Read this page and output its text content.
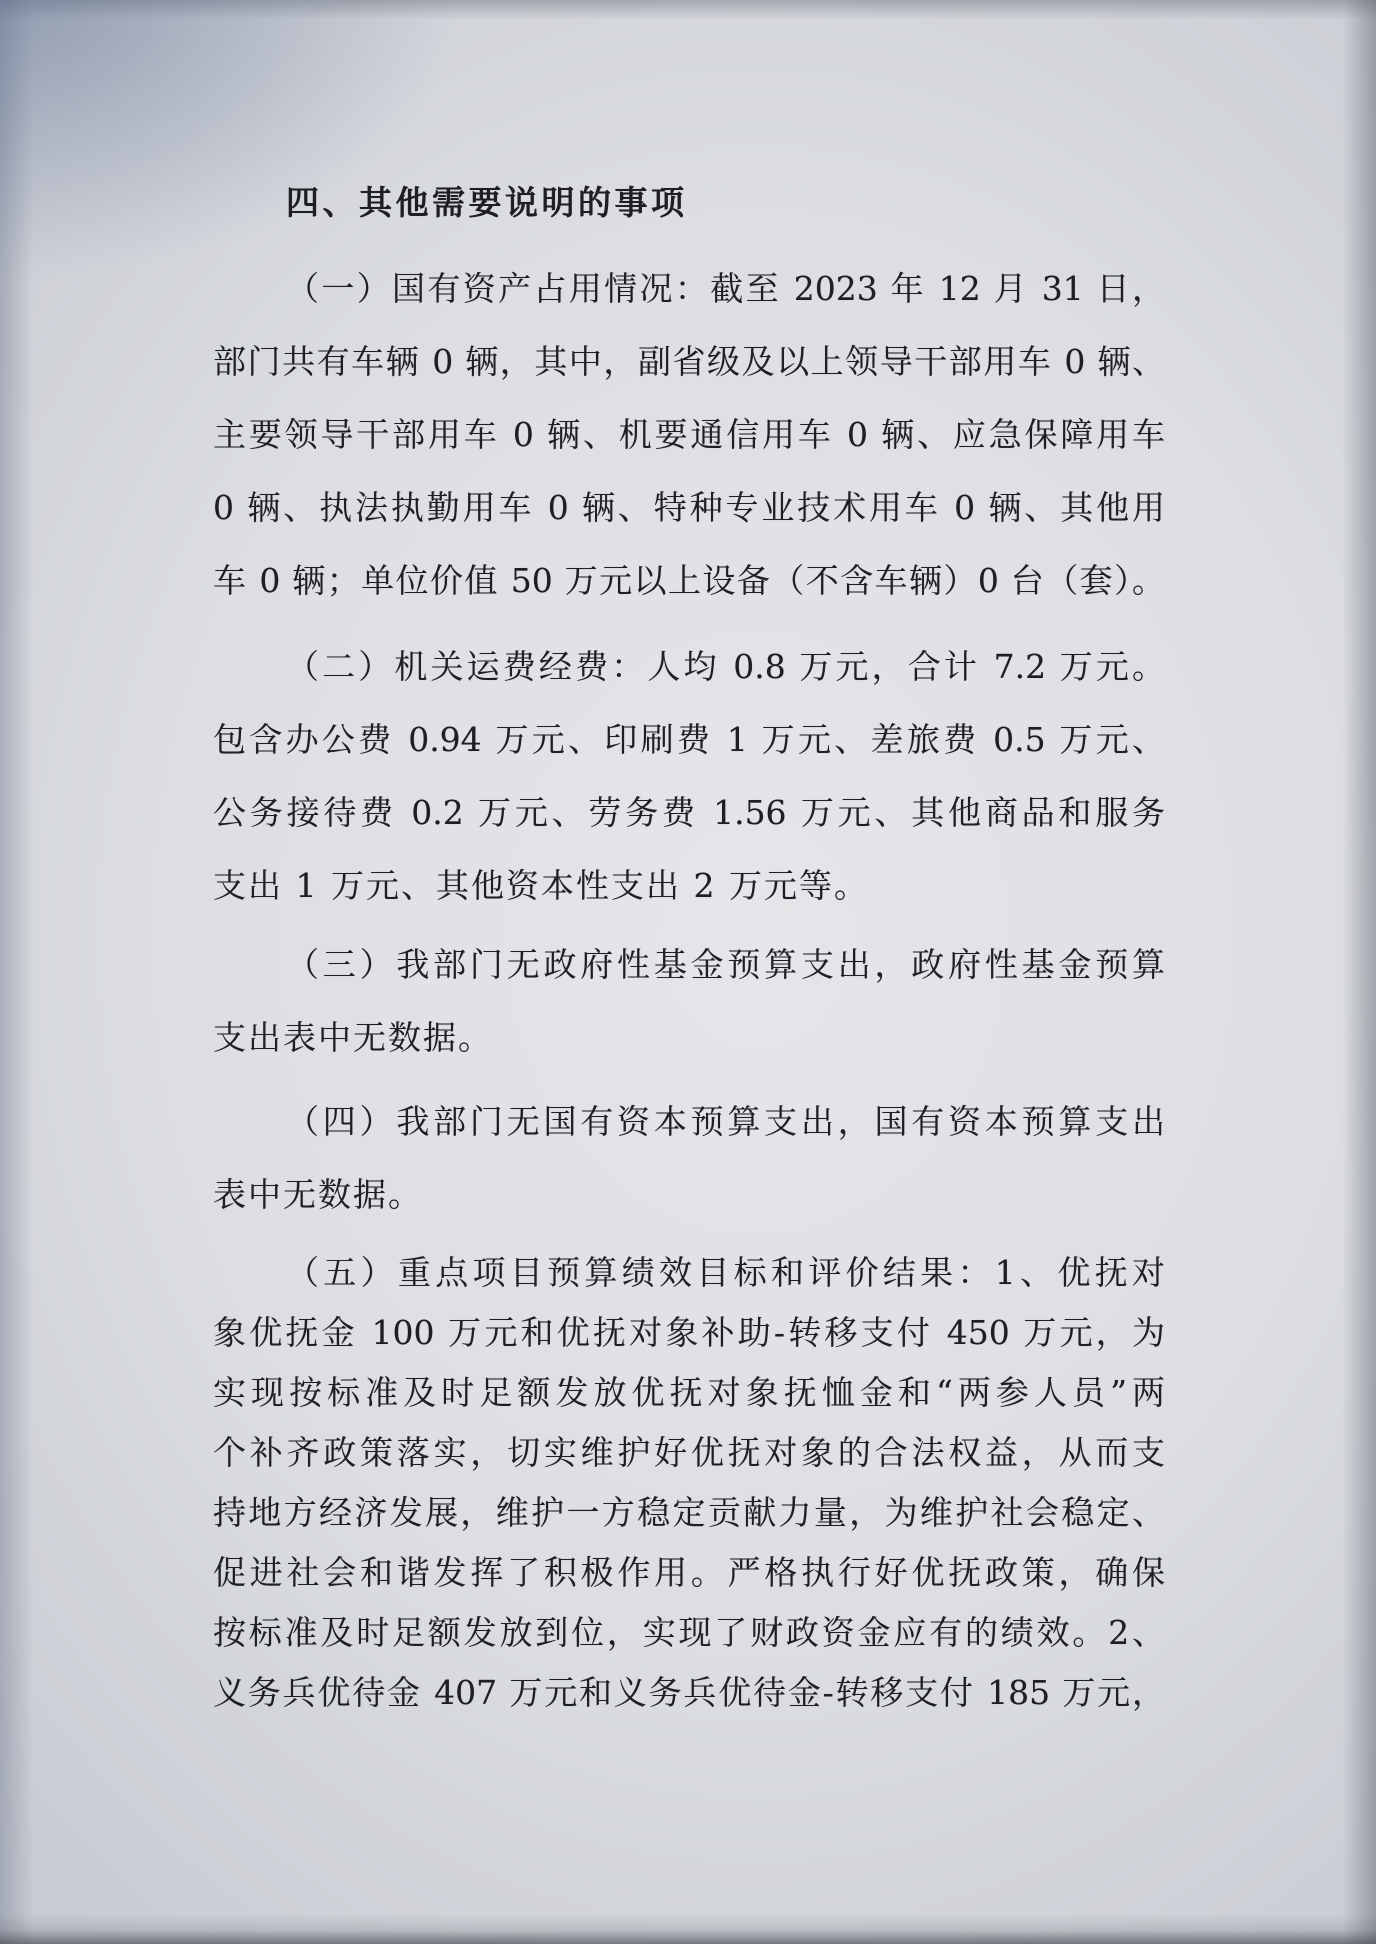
四、其他需要说明的事项
（一）国有资产占用情况：截至 2023 年 12 月 31 日，
部门共有车辆 0 辆，其中，副省级及以上领导干部用车 0 辆、
主要领导干部用车 0 辆、机要通信用车 0 辆、应急保障用车
0 辆、执法执勤用车 0 辆、特种专业技术用车 0 辆、其他用
车 0 辆；单位价值 50 万元以上设备（不含车辆）0 台（套）。
（二）机关运费经费：人均 0.8 万元，合计 7.2 万元。
包含办公费 0.94 万元、印刷费 1 万元、差旅费 0.5 万元、
公务接待费 0.2 万元、劳务费 1.56 万元、其他商品和服务
支出 1 万元、其他资本性支出 2 万元等。
（三）我部门无政府性基金预算支出，政府性基金预算
支出表中无数据。
（四）我部门无国有资本预算支出，国有资本预算支出
表中无数据。
（五）重点项目预算绩效目标和评价结果：1、优抚对
象优抚金 100 万元和优抚对象补助-转移支付 450 万元，为
实现按标准及时足额发放优抚对象抚恤金和“两参人员”两
个补齐政策落实，切实维护好优抚对象的合法权益，从而支
持地方经济发展，维护一方稳定贡献力量，为维护社会稳定、
促进社会和谐发挥了积极作用。严格执行好优抚政策，确保
按标准及时足额发放到位，实现了财政资金应有的绩效。2、
义务兵优待金 407 万元和义务兵优待金-转移支付 185 万元，
